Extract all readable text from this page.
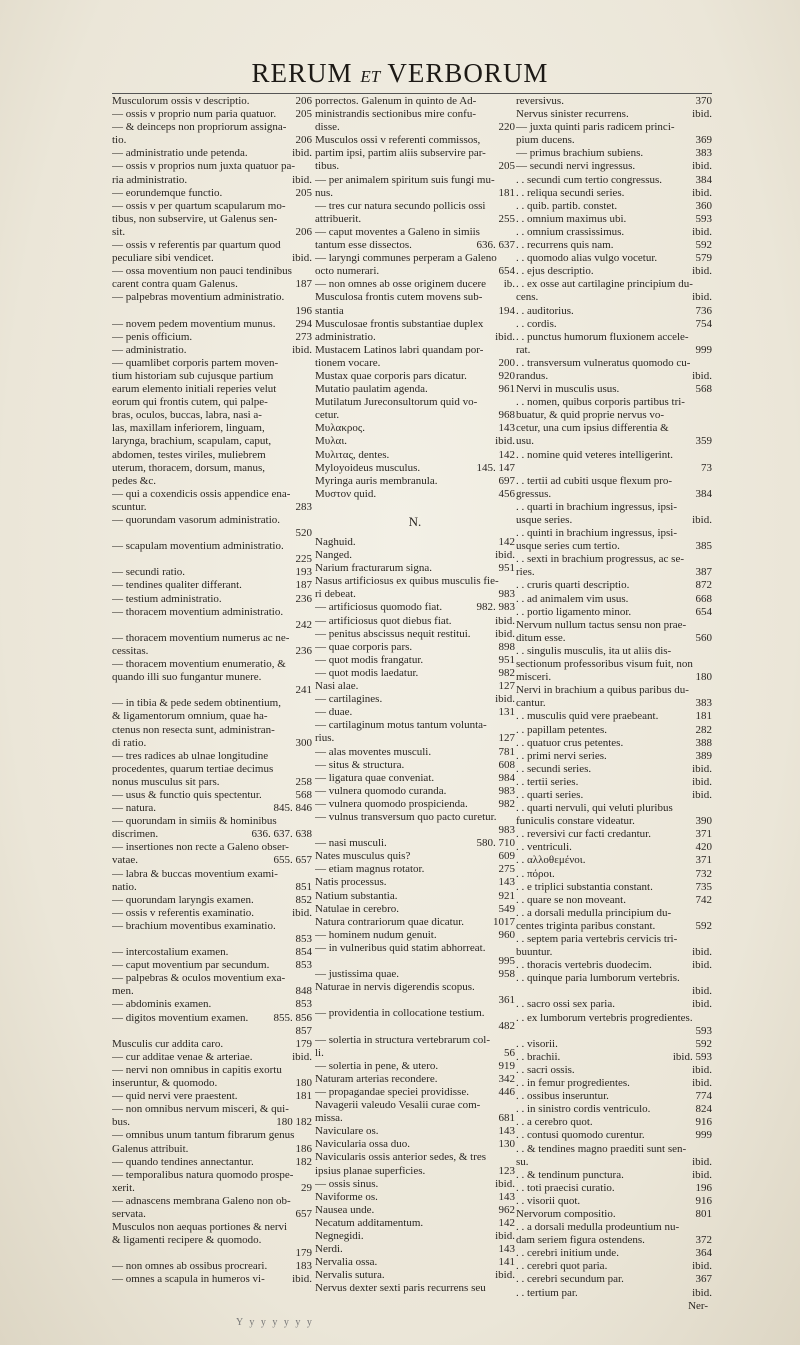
RERUM ET VERBORUM
Musculorum ossis v descriptio.	206
— ossis v proprio num paria quatuor.	205
— & deinceps non propriorum assigna-
tio.	206
— administratio unde petenda.	ibid.
— ossis v proprios num juxta quatuor pa-
ria administratio.	ibid.
— eorundemque functio.	205
— ossis v per quartum scapularum mo-
tibus, non subservire, ut Galenus sen-
sit.	206
— ossis v referentis par quartum quod
peculiare sibi vendicet.	ibid.
— ossa moventium non pauci tendinibus
carent contra quam Galenus.	187
— palpebras moventium administratio.
196
— novem pedem moventium munus.	294
— penis officium.	273
— administratio.	ibid.
— quamlibet corporis partem moven-
tium historiam sub cujusque partium
earum elemento initiali reperies velut
eorum qui frontis cutem, qui palpe-
bras, oculos, buccas, labra, nasi a-
las, maxillam inferiorem, linguam,
larynga, brachium, scapulam, caput,
abdomen, testes viriles, muliebrem
uterum, thoracem, dorsum, manus,
pedes &c.
— qui a coxendicis ossis appendice ena-
scuntur.	283
— quorundam vasorum administratio.
520
— scapulam moventium administratio.
225
— secundi ratio.	193
— tendines qualiter differant.	187
— testium administratio.	236
— thoracem moventium administratio.
242
— thoracem moventium numerus ac ne-
cessitas.	236
— thoracem moventium enumeratio, &
quando illi suo fungantur munere.
241
— in tibia & pede sedem obtinentium,
& ligamentorum omnium, quae ha-
ctenus non resecta sunt, administran-
di ratio.	300
— tres radices ab ulnae longitudine
procedentes, quarum tertiae decimus
nonus musculus sit pars.	258
— usus & functio quis spectentur.	568
— natura.	845. 846
— quorundam in simiis & hominibus
discrimen.	636. 637. 638
— insertiones non recte a Galeno obser-
vatae.	655. 657
— labra & buccas moventium exami-
natio.	851
— quorundam laryngis examen.	852
— ossis v referentis examinatio.	ibid.
— brachium moventibus examinatio.
853
— intercostalium examen.	854
— caput moventium par secundum.	853
— palpebras & oculos moventium exa-
men.	848
— abdominis examen.	853
— digitos moventium examen.	855. 856
857
Musculis cur addita caro.	179
— cur additae venae & arteriae.	ibid.
— nervi non omnibus in capitis exortu
inseruntur, & quomodo.	180
— quid nervi vere praestent.	181
— non omnibus nervum misceri, & qui-
bus.	180 182
— omnibus unum tantum fibrarum genus
Galenus attribuit.	186
— quando tendines annectantur.	182
— temporalibus natura quomodo prospe-
xerit.	29
— adnascens membrana Galeno non ob-
servata.	657
Musculos non aequas portiones & nervi
& ligamenti recipere & quomodo.
179
— non omnes ab ossibus procreari.	183
— omnes a scapula in humeros vi-	ibid.
porrectos. Galenum in quinto de Ad-
ministrandis sectionibus mire confu-
disse.	220
Musculos ossi v referenti commissos,
partim ipsi, partim aliis subservire par-
tibus.	205
— per animalem spiritum suis fungi mu-
nus.	181
— tres cur natura secundo pollicis ossi
attribuerit.	255
— caput moventes a Galeno in simiis
tantum esse dissectos.	636. 637
— laryngi communes perperam a Galeno
octo numerari.	654
— non omnes ab osse originem ducere	ib.
Musculosa frontis cutem movens sub-
stantia	194
Musculosae frontis substantiae duplex
administratio.	ibid.
Mustacem Latinos labri quandam por-
tionem vocare.	200
Mustax quae corporis pars dicatur.	920
Mutatio paulatim agenda.	961
Mutilatum Jureconsultorum quid vo-
cetur.	968
Μυλακρος.	143
Μυλαι.	ibid.
Μυλιτας, dentes.	142
Myloyoideus musculus.	145. 147
Myringa auris membranula.	697
Μυστον quid.	456
N.
Naghuid.	142
Nanged.	ibid.
Narium fracturarum signa.	951
Nasus artificiosus ex quibus musculis fie-
ri debeat.	983
— artificiosus quomodo fiat.	982. 983
— artificiosus quot diebus fiat.	ibid.
— penitus abscissus nequit restitui.	ibid.
— quae corporis pars.	898
— quot modis frangatur.	951
— quot modis laedatur.	982
Nasi alae.	127
— cartilagines.	ibid.
— duae.	131
— cartilaginum motus tantum volunta-
rius.	127
— alas moventes musculi.	781
— situs & structura.	608
— ligatura quae conveniat.	984
— vulnera quomodo curanda.	983
— vulnera quomodo prospicienda.	982
— vulnus transversum quo pacto curetur.
983
— nasi musculi.	580. 710
Nates musculus quis?	609
— etiam magnus rotator.	275
Natis processus.	143
Natium substantia.	921
Natulae in cerebro.	549
Natura contrariorum quae dicatur.	1017
— hominem nudum genuit.	960
— in vulneribus quid statim abhorreat.
995
— justissima quae.	958
Naturae in nervis digerendis scopus.
361
— providentia in collocatione testium.
482
— solertia in structura vertebrarum col-
li.	56
— solertia in pene, & utero.	919
Naturam arterias recondere.	342
— propagandae speciei providisse.	446
Navagerii valeudo Vesalii curae com-
missa.	681
Naviculare os.	143
Navicularia ossa duo.	130
Navicularis ossis anterior sedes, & tres
ipsius planae superficies.	123
— ossis sinus.	ibid.
Naviforme os.	143
Nausea unde.	962
Necatum additamentum.	142
Negnegidi.	ibid.
Nerdi.	143
Nervalia ossa.	141
Nervalis sutura.	ibid.
Nervus dexter sexti paris recurrens seu
reversivus.	370
Nervus sinister recurrens.	ibid.
— juxta quinti paris radicem princi-
pium ducens.	369
— primus brachium subiens.	383
— secundi nervi ingressus.	ibid.
. . secundi cum tertio congressus.	384
. . reliqua secundi series.	ibid.
. . quib. partib. constet.	360
. . omnium maximus ubi.	593
. . omnium crassissimus.	ibid.
. . recurrens quis nam.	592
. . quomodo alias vulgo vocetur.	579
. . ejus descriptio.	ibid.
. . ex osse aut cartilagine principium du-
cens.	ibid.
. . auditorius.	736
. . cordis.	754
. . punctus humorum fluxionem accele-
rat.	999
. . transversum vulneratus quomodo cu-
randus.	ibid.
Nervi in musculis usus.	568
. . nomen, quibus corporis partibus tri-
buatur, & quid proprie nervus vo-
cetur, una cum ipsius differentia &
usu.	359
. . nomine quid veteres intelligerint.
73
. . tertii ad cubiti usque flexum pro-
gressus.	384
. . quarti in brachium ingressus, ipsi-
usque series.	ibid.
. . quinti in brachium ingressus, ipsi-
usque series cum tertio.	385
. . sexti in brachium progressus, ac se-
ries.	387
. . cruris quarti descriptio.	872
. . ad animalem vim usus.	668
. . portio ligamento minor.	654
Nervum nullum tactus sensu non prae-
ditum esse.	560
. . singulis musculis, ita ut aliis dis-
sectionum professoribus visum fuit, non
misceri.	180
Nervi in brachium a quibus paribus du-
cantur.	383
. . musculis quid vere praebeant.	181
. . papillam petentes.	282
. . quatuor crus petentes.	388
. . primi nervi series.	389
. . secundi series.	ibid.
. . tertii series.	ibid.
. . quarti series.	ibid.
. . quarti nervuli, qui veluti pluribus
funiculis constare videatur.	390
. . reversivi cur facti credantur.	371
. . ventriculi.	420
. . αλλοθεμένοι.	371
. . πόροι.	732
. . e triplici substantia constant.	735
. . quare se non moveant.	742
. . a dorsali medulla principium du-
centes triginta paribus constant.	592
. . septem paria vertebris cervicis tri-
buuntur.	ibid.
. . thoracis vertebris duodecim.	ibid.
. . quinque paria lumborum vertebris.
ibid.
. . sacro ossi sex paria.	ibid.
. . ex lumborum vertebris progredientes.
593
. . visorii.	592
. . brachii.	ibid. 593
. . sacri ossis.	ibid.
. . in femur progredientes.	ibid.
. . ossibus inseruntur.	774
. . in sinistro cordis ventriculo.	824
. . a cerebro quot.	916
. . contusi quomodo curentur.	999
. . & tendines magno praediti sunt sen-
su.	ibid.
. . & tendinum punctura.	ibid.
. . toti praecisi curatio.	196
. . visorii quot.	916
Nervorum compositio.	801
. . a dorsali medulla prodeuntium nu-
dam seriem figura ostendens.	372
. . cerebri initium unde.	364
. . cerebri quot paria.	ibid.
. . cerebri secundum par.	367
. . tertium par.	ibid.
Ner-
Y y y y y y y
